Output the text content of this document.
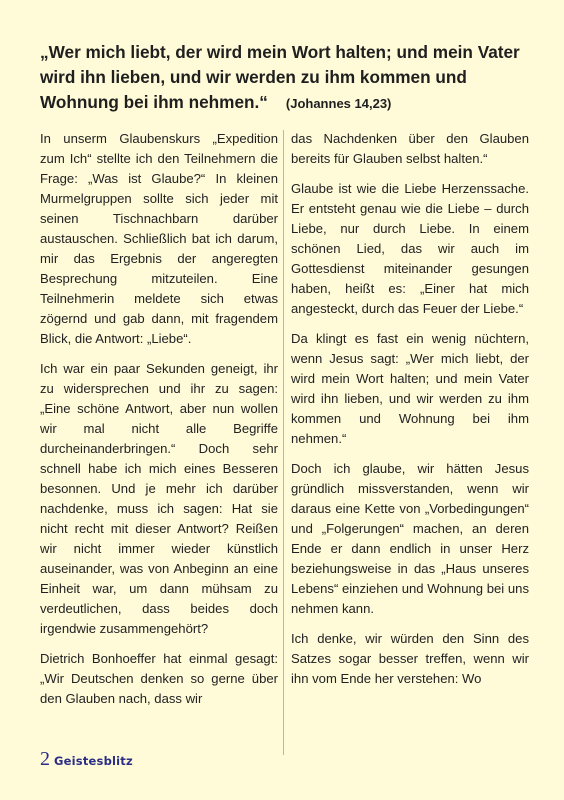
„Wer mich liebt, der wird mein Wort halten; und mein Vater wird ihn lieben, und wir werden zu ihm kommen und Wohnung bei ihm nehmen.“ (Johannes 14,23)

In unserm Glaubenskurs „Expedition zum Ich“ stellte ich den Teilnehmern die Frage: „Was ist Glaube?“ In kleinen Murmelgruppen sollte sich jeder mit seinen Tischnachbarn darüber austauschen. Schließlich bat ich darum, mir das Ergebnis der angeregten Besprechung mitzuteilen. Eine Teilnehmerin meldete sich etwas zögernd und gab dann, mit fragendem Blick, die Antwort: „Liebe“.

Ich war ein paar Sekunden geneigt, ihr zu widersprechen und ihr zu sagen: „Eine schöne Antwort, aber nun wollen wir mal nicht alle Begriffe durcheinanderbringen.“ Doch sehr schnell habe ich mich eines Besseren besonnen. Und je mehr ich darüber nachdenke, muss ich sagen: Hat sie nicht recht mit dieser Antwort? Reißen wir nicht immer wieder künstlich auseinander, was von Anbeginn an eine Einheit war, um dann mühsam zu verdeutlichen, dass beides doch irgendwie zusammengehört?

Dietrich Bonhoeffer hat einmal gesagt: „Wir Deutschen denken so gerne über den Glauben nach, dass wir

das Nachdenken über den Glauben bereits für Glauben selbst halten.“

Glaube ist wie die Liebe Herzenssache. Er entsteht genau wie die Liebe – durch Liebe, nur durch Liebe. In einem schönen Lied, das wir auch im Gottesdienst miteinander gesungen haben, heißt es: „Einer hat mich angesteckt, durch das Feuer der Liebe.“

Da klingt es fast ein wenig nüchtern, wenn Jesus sagt: „Wer mich liebt, der wird mein Wort halten; und mein Vater wird ihn lieben, und wir werden zu ihm kommen und Wohnung bei ihm nehmen.“

Doch ich glaube, wir hätten Jesus gründlich missverstanden, wenn wir daraus eine Kette von „Vorbedingungen“ und „Folgerungen“ machen, an deren Ende er dann endlich in unser Herz beziehungsweise in das „Haus unseres Lebens“ einziehen und Wohnung bei uns nehmen kann.

Ich denke, wir würden den Sinn des Satzes sogar besser treffen, wenn wir ihn vom Ende her verstehen: Wo

2 Geistesblitz
